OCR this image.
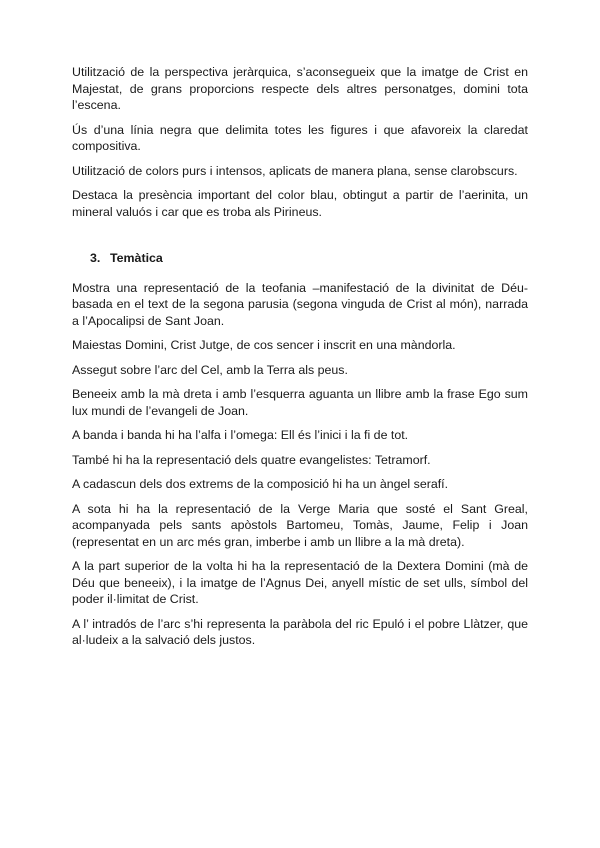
Utilització de la perspectiva jeràrquica, s’aconsegueix que la imatge de Crist en Majestat, de grans proporcions respecte dels altres personatges, domini tota l’escena.

Ús d’una línia negra que delimita totes les figures i que afavoreix la claredat compositiva.

Utilització de colors purs i intensos, aplicats de manera plana, sense clarobscurs.

Destaca la presència important del color blau, obtingut a partir de l’aerinita, un mineral valuós i car que es troba als Pirineus.

3. Temàtica

Mostra una representació de la teofania –manifestació de la divinitat de Déu- basada en el text de la segona parusia (segona vinguda de Crist al món), narrada a l’Apocalipsi de Sant Joan.

Maiestas Domini, Crist Jutge, de cos sencer i inscrit en una màndorla.

Assegut sobre l’arc del Cel, amb la Terra als peus.

Beneeix amb la mà dreta i amb l’esquerra aguanta un llibre amb la frase Ego sum lux mundi de l’evangeli de Joan.

A banda i banda hi ha l’alfa i l’omega: Ell és l’inici i la fi de tot.

També hi ha la representació dels quatre evangelistes: Tetramorf.

A cadascun dels dos extrems de la composició hi ha un àngel serafí.

A sota hi ha la representació de la Verge Maria que sosté el Sant Greal, acompanyada pels sants apòstols Bartomeu, Tomàs, Jaume, Felip i Joan (representat en un arc més gran, imberbe i amb un llibre a la mà dreta).

A la part superior de la volta hi ha la representació de la Dextera Domini (mà de Déu que beneeix), i la imatge de l’Agnus Dei, anyell místic de set ulls, símbol del poder il·limitat de Crist.

A l’ intradós de l’arc s’hi representa la paràbola del ric Epuló i el pobre Llàtzer, que al·ludeix a la salvació dels justos.
